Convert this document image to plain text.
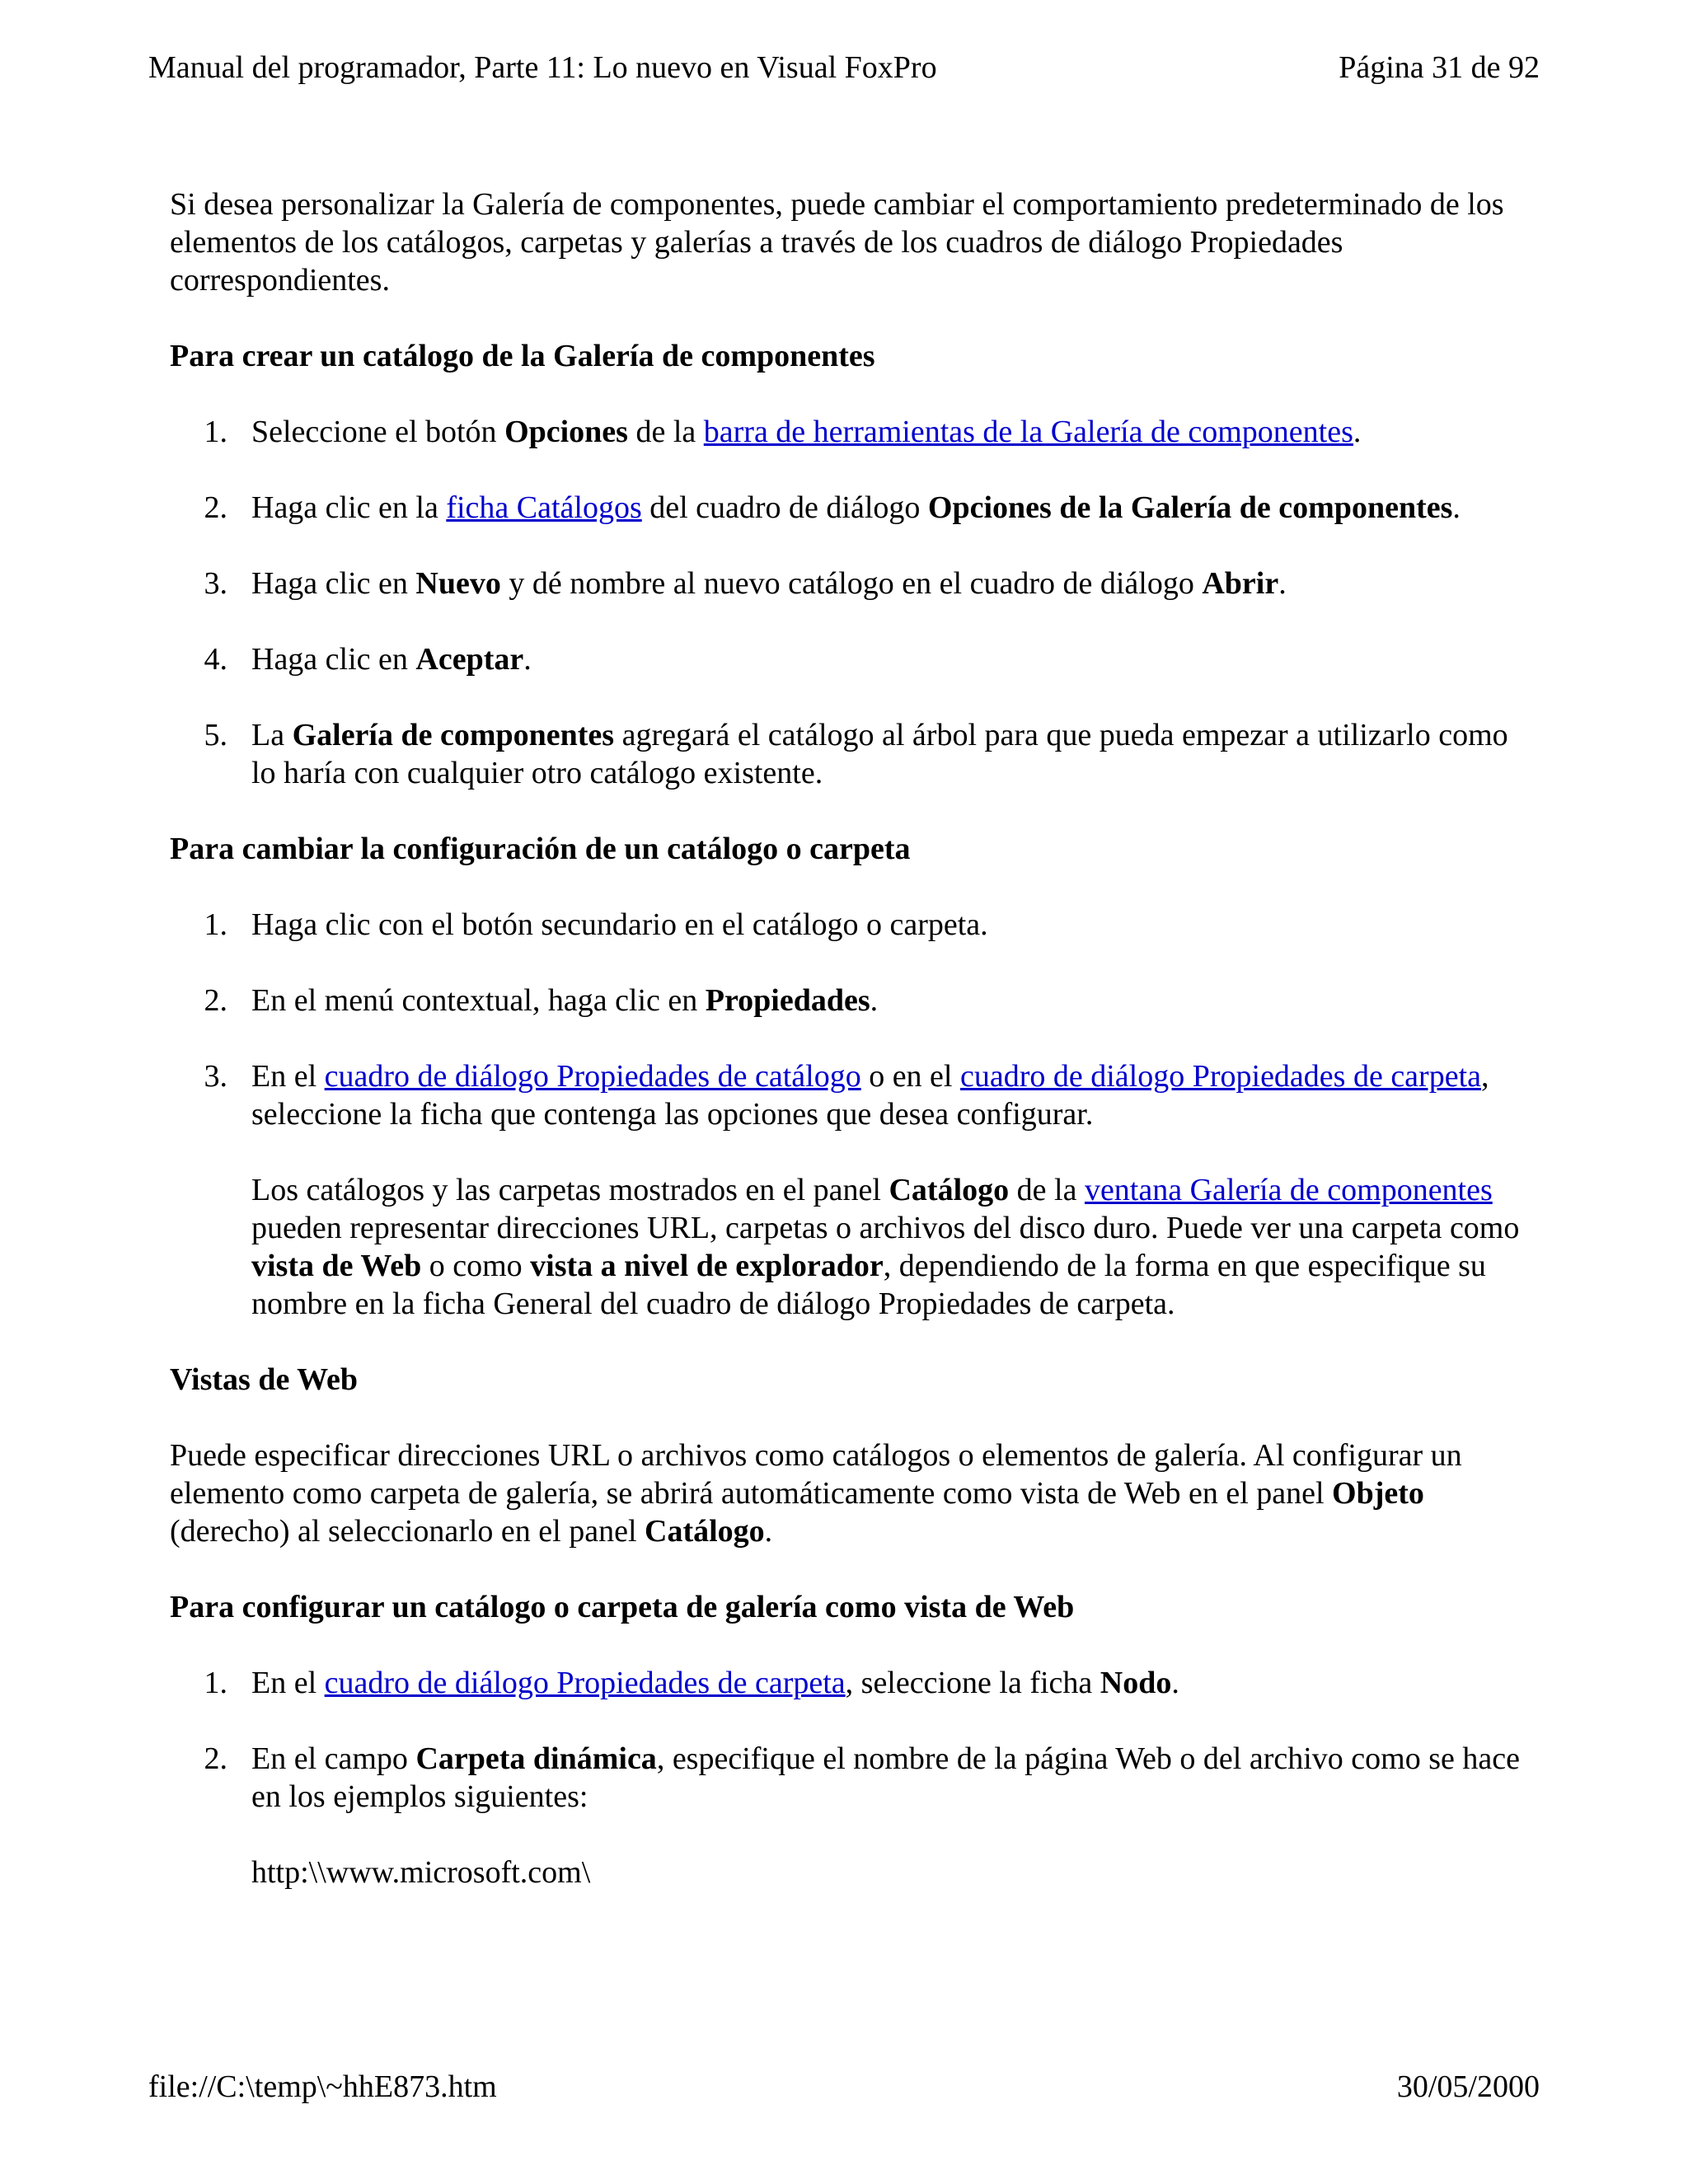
Manual del programador, Parte 11: Lo nuevo en Visual FoxPro	Página 31 de 92

Si desea personalizar la Galería de componentes, puede cambiar el comportamiento predeterminado de los elementos de los catálogos, carpetas y galerías a través de los cuadros de diálogo Propiedades correspondientes.

Para crear un catálogo de la Galería de componentes
1. Seleccione el botón Opciones de la barra de herramientas de la Galería de componentes.
2. Haga clic en la ficha Catálogos del cuadro de diálogo Opciones de la Galería de componentes.
3. Haga clic en Nuevo y dé nombre al nuevo catálogo en el cuadro de diálogo Abrir.
4. Haga clic en Aceptar.
5. La Galería de componentes agregará el catálogo al árbol para que pueda empezar a utilizarlo como lo haría con cualquier otro catálogo existente.
Para cambiar la configuración de un catálogo o carpeta
1. Haga clic con el botón secundario en el catálogo o carpeta.
2. En el menú contextual, haga clic en Propiedades.
3. En el cuadro de diálogo Propiedades de catálogo o en el cuadro de diálogo Propiedades de carpeta, seleccione la ficha que contenga las opciones que desea configurar.

Los catálogos y las carpetas mostrados en el panel Catálogo de la ventana Galería de componentes pueden representar direcciones URL, carpetas o archivos del disco duro. Puede ver una carpeta como vista de Web o como vista a nivel de explorador, dependiendo de la forma en que especifique su nombre en la ficha General del cuadro de diálogo Propiedades de carpeta.

Vistas de Web

Puede especificar direcciones URL o archivos como catálogos o elementos de galería. Al configurar un elemento como carpeta de galería, se abrirá automáticamente como vista de Web en el panel Objeto (derecho) al seleccionarlo en el panel Catálogo.

Para configurar un catálogo o carpeta de galería como vista de Web
1. En el cuadro de diálogo Propiedades de carpeta, seleccione la ficha Nodo.
2. En el campo Carpeta dinámica, especifique el nombre de la página Web o del archivo como se hace en los ejemplos siguientes:

http:\\www.microsoft.com\

file://C:\temp\~hhE873.htm	30/05/2000
